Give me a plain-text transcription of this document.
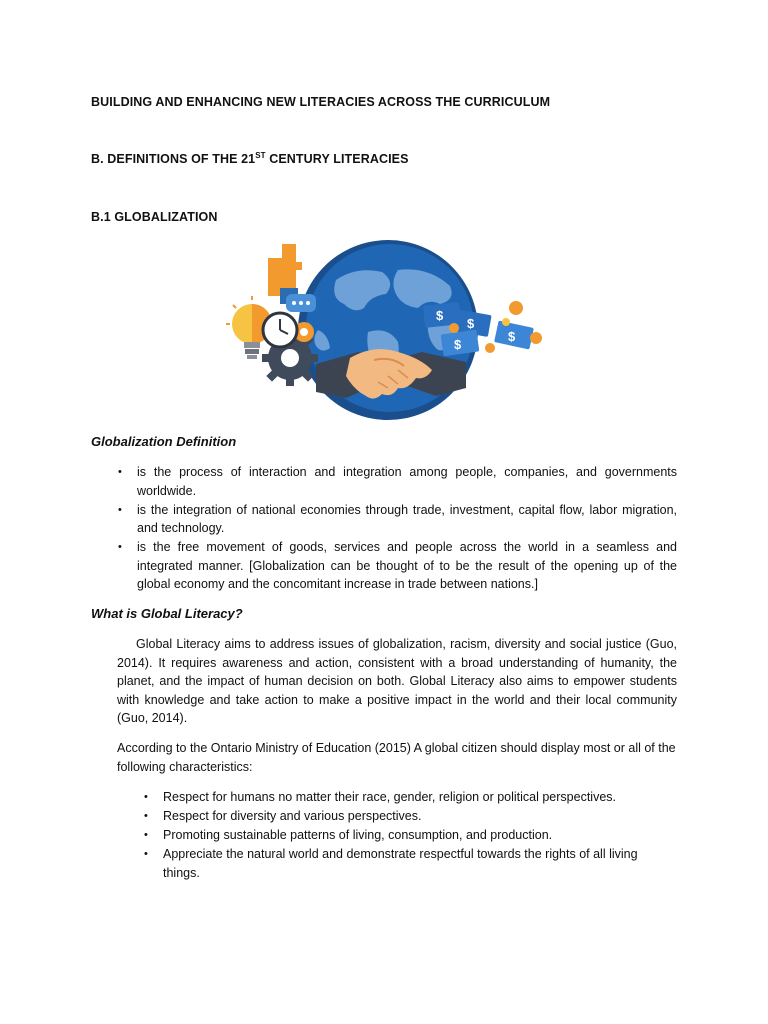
BUILDING AND ENHANCING NEW LITERACIES ACROSS THE CURRICULUM
B. DEFINITIONS OF THE 21ST CENTURY LITERACIES
B.1 GLOBALIZATION
$
$
$
$
Globalization Definition
• is the process of interaction and integration among people, companies, and governments worldwide.
• is the integration of national economies through trade, investment, capital flow, labor migration, and technology.
• is the free movement of goods, services and people across the world in a seamless and integrated manner. [Globalization can be thought of to be the result of the opening up of the global economy and the concomitant increase in trade between nations.]
What is Global Literacy?
Global Literacy aims to address issues of globalization, racism, diversity and social justice (Guo, 2014). It requires awareness and action, consistent with a broad understanding of humanity, the planet, and the impact of human decision on both. Global Literacy also aims to empower students with knowledge and take action to make a positive impact in the world and their local community (Guo, 2014).
According to the Ontario Ministry of Education (2015) A global citizen should display most or all of the following characteristics:
• Respect for humans no matter their race, gender, religion or political perspectives.
• Respect for diversity and various perspectives.
• Promoting sustainable patterns of living, consumption, and production.
• Appreciate the natural world and demonstrate respectful towards the rights of all living things.
